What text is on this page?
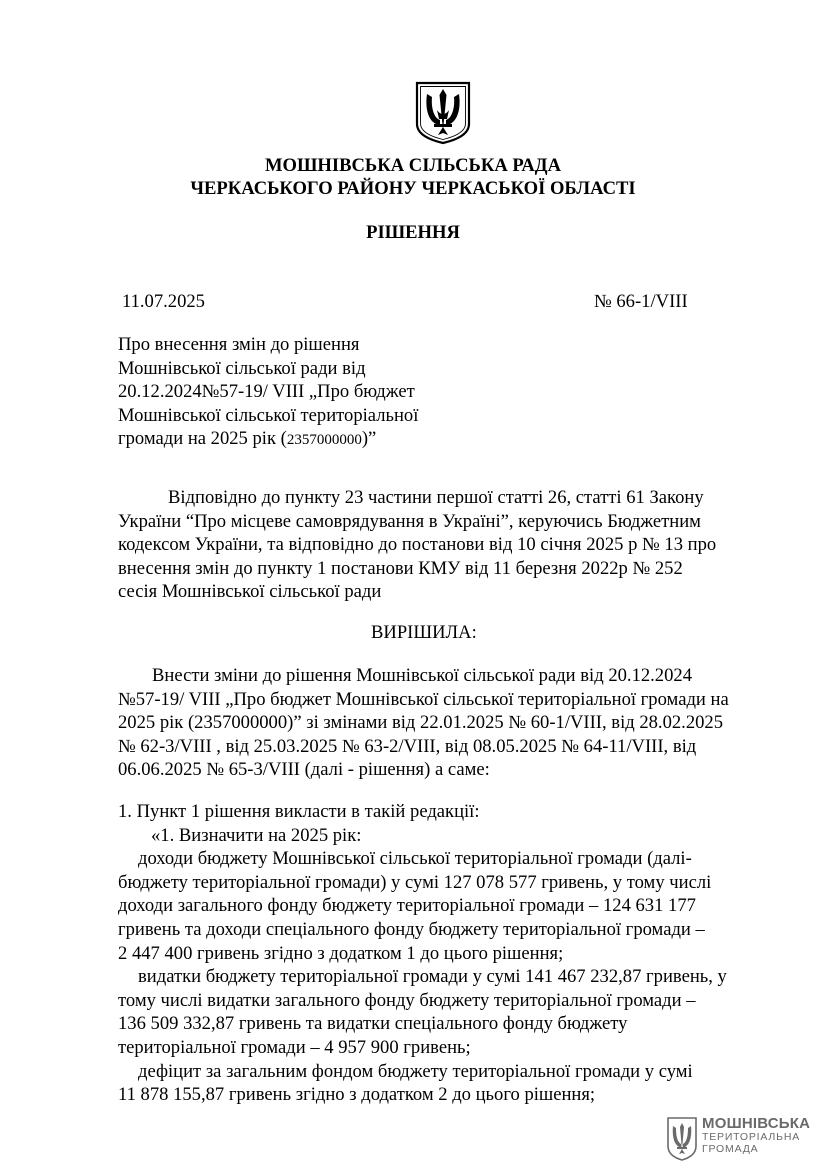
МОШНІВСЬКА СІЛЬСЬКА РАДА
ЧЕРКАСЬКОГО РАЙОНУ ЧЕРКАСЬКОЇ ОБЛАСТІ
РІШЕННЯ
11.07.2025	№ 66-1/VIII
Про внесення змін до рішення
Мошнівської сільської ради від
20.12.2024№57-19/ VIII „Про бюджет
Мошнівської сільської територіальної
громади на 2025 рік (2357000000)”
Відповідно до пункту 23 частини першої статті 26, статті 61 Закону
України “Про місцеве самоврядування в Україні”, керуючись Бюджетним
кодексом України, та відповідно до постанови від 10 січня 2025 р № 13 про
внесення змін до пункту 1 постанови КМУ від 11 березня 2022р № 252
сесія Мошнівської сільської ради
ВИРІШИЛА:
Внести зміни до рішення Мошнівської сільської ради від 20.12.2024
№57-19/ VIII „Про бюджет Мошнівської сільської територіальної громади на
2025 рік (2357000000)” зі змінами від 22.01.2025 № 60-1/VIII, від 28.02.2025
№ 62-3/VIII , від 25.03.2025 № 63-2/VIII, від 08.05.2025 № 64-11/VIII, від
06.06.2025 № 65-3/VIII (далі - рішення) а саме:
1. Пункт 1 рішення викласти в такій редакції:
«1. Визначити на 2025 рік:
доходи бюджету Мошнівської сільської територіальної громади (далі-
бюджету територіальної громади) у сумі 127 078 577 гривень, у тому числі
доходи загального фонду бюджету територіальної громади – 124 631 177
гривень та доходи спеціального фонду бюджету територіальної громади –
2 447 400 гривень згідно з додатком 1 до цього рішення;
видатки бюджету територіальної громади у сумі 141 467 232,87 гривень, у
тому числі видатки загального фонду бюджету територіальної громади –
136 509 332,87 гривень та видатки спеціального фонду бюджету
територіальної громади – 4 957 900 гривень;
дефіцит за загальним фондом бюджету територіальної громади у сумі
11 878 155,87 гривень згідно з додатком 2 до цього рішення;
МОШНІВСЬКА
ТЕРИТОРІАЛЬНА
ГРОМАДА
